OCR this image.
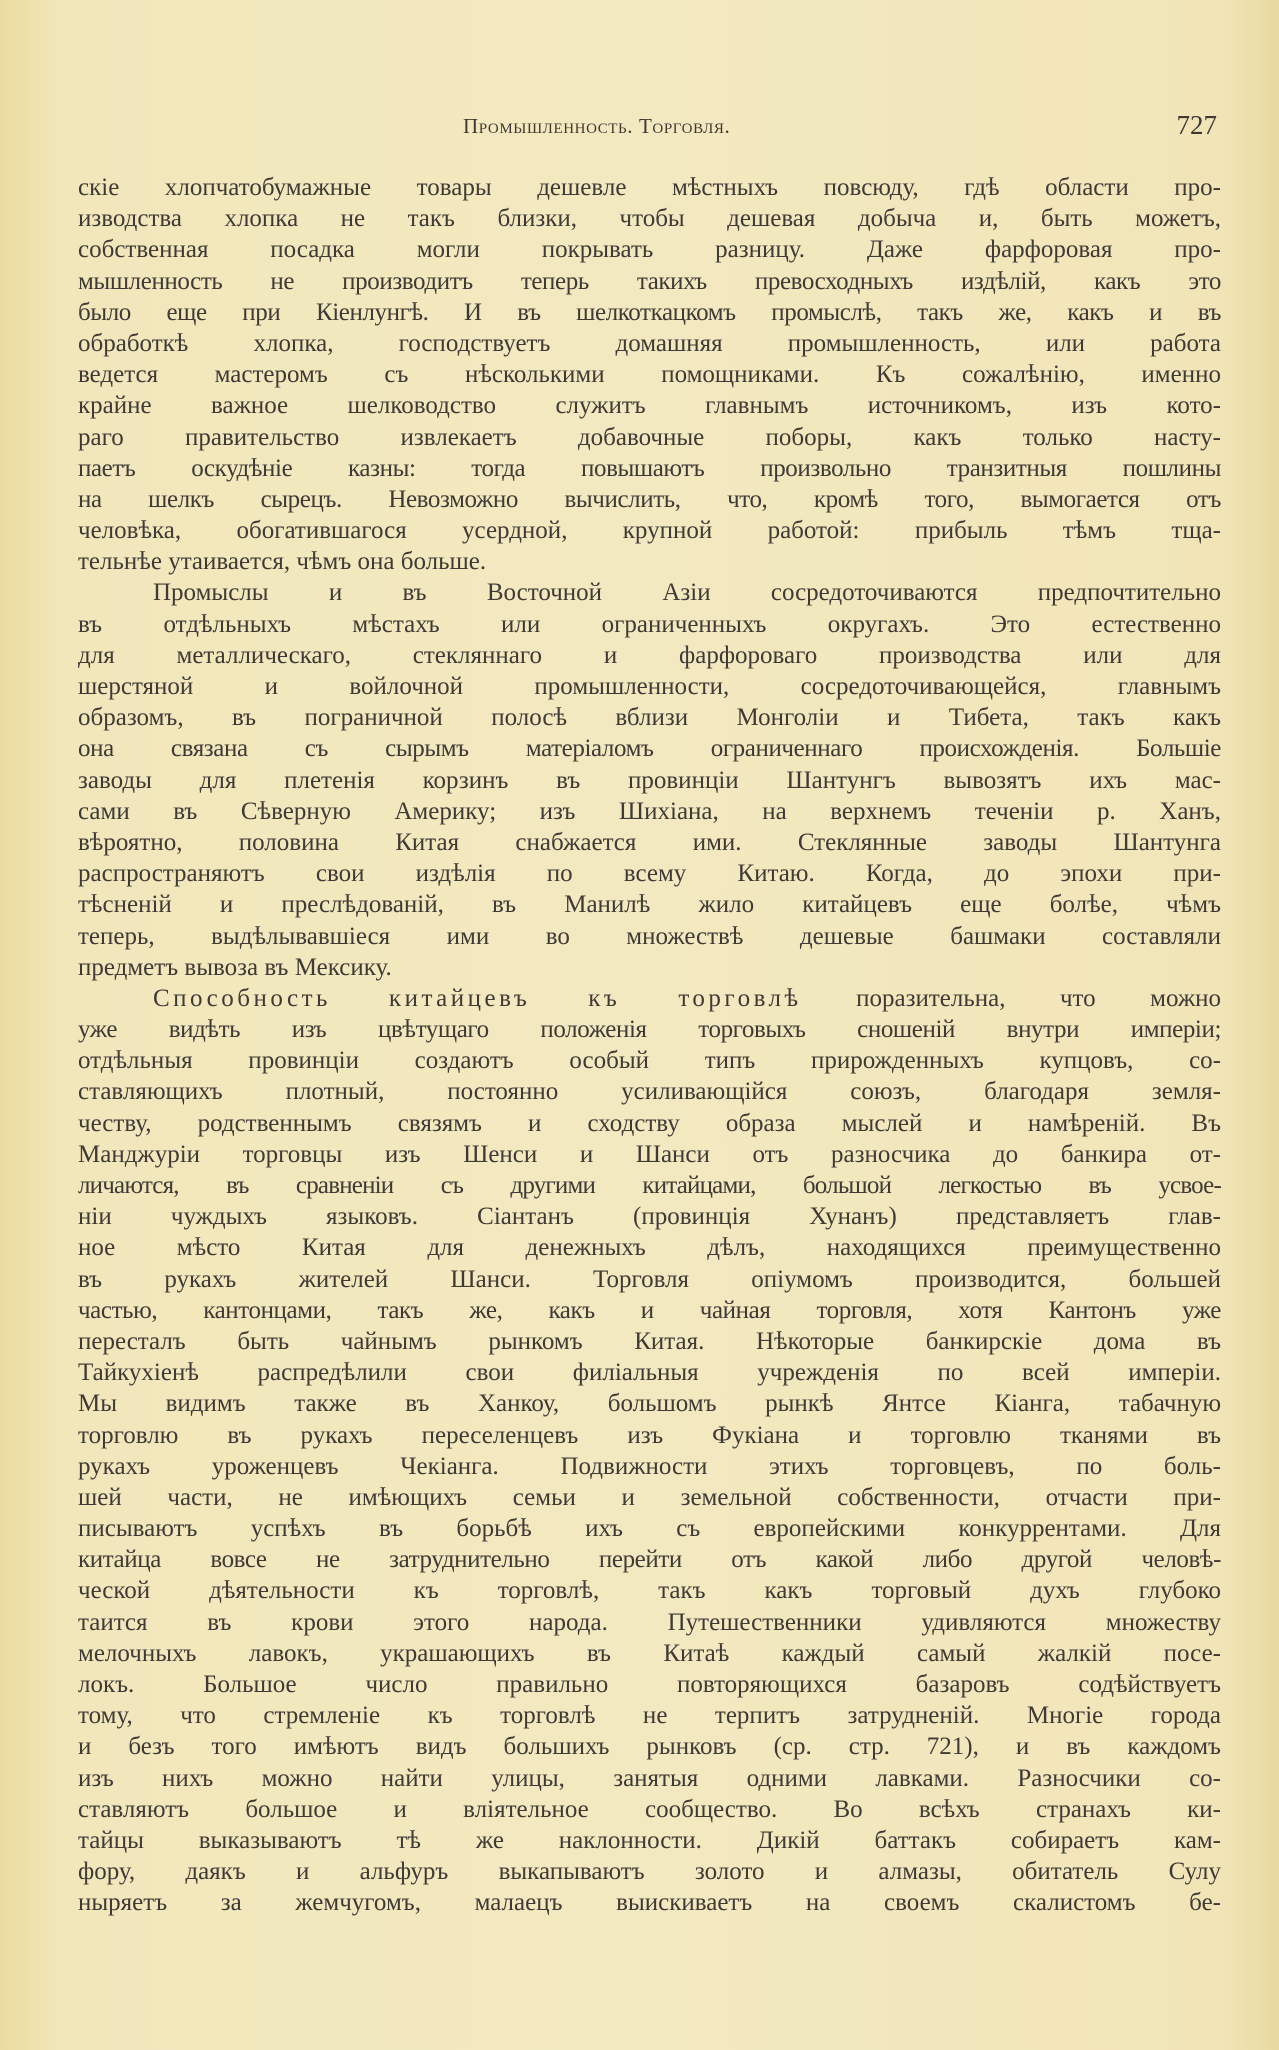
Промышленность. Торговля.	727
скіе хлопчатобумажные товары дешевле мѣстныхъ повсюду, гдѣ области про-
изводства хлопка не такъ близки, чтобы дешевая добыча и, быть можетъ,
собственная посадка могли покрывать разницу. Даже фарфоровая про-
мышленность не производитъ теперь такихъ превосходныхъ издѣлій, какъ это
было еще при Кіенлунгѣ. И въ шелкоткацкомъ промыслѣ, такъ же, какъ и въ
обработкѣ хлопка, господствуетъ домашняя промышленность, или работа
ведется мастеромъ съ нѣсколькими помощниками. Къ сожалѣнію, именно
крайне важное шелководство служитъ главнымъ источникомъ, изъ кото-
раго правительство извлекаетъ добавочные поборы, какъ только насту-
паетъ оскудѣніе казны: тогда повышаютъ произвольно транзитныя пошлины
на шелкъ сырецъ. Невозможно вычислить, что, кромѣ того, вымогается отъ
человѣка, обогатившагося усердной, крупной работой: прибыль тѣмъ тща-
тельнѣе утаивается, чѣмъ она больше.
Промыслы и въ Восточной Азіи сосредоточиваются предпочтительно
въ отдѣльныхъ мѣстахъ или ограниченныхъ округахъ. Это естественно
для металлическаго, стекляннаго и фарфороваго производства или для
шерстяной и войлочной промышленности, сосредоточивающейся, главнымъ
образомъ, въ пограничной полосѣ вблизи Монголіи и Тибета, такъ какъ
она связана съ сырымъ матеріаломъ ограниченнаго происхожденія. Большіе
заводы для плетенія корзинъ въ провинціи Шантунгъ вывозятъ ихъ мас-
сами въ Сѣверную Америку; изъ Шихіана, на верхнемъ теченіи р. Ханъ,
вѣроятно, половина Китая снабжается ими. Стеклянные заводы Шантунга
распространяютъ свои издѣлія по всему Китаю. Когда, до эпохи при-
тѣсненій и преслѣдованій, въ Манилѣ жило китайцевъ еще болѣе, чѣмъ
теперь, выдѣлывавшіеся ими во множествѣ дешевые башмаки составляли
предметъ вывоза въ Мексику.
Способность китайцевъ къ торговлѣ поразительна, что можно
уже видѣть изъ цвѣтущаго положенія торговыхъ сношеній внутри имперіи;
отдѣльныя провинціи создаютъ особый типъ прирожденныхъ купцовъ, со-
ставляющихъ плотный, постоянно усиливающійся союзъ, благодаря земля-
честву, родственнымъ связямъ и сходству образа мыслей и намѣреній. Въ
Манджуріи торговцы изъ Шенси и Шанси отъ разносчика до банкира от-
личаются, въ сравненіи съ другими китайцами, большой легкостью въ усвое-
ніи чуждыхъ языковъ. Сіантанъ (провинція Хунанъ) представляетъ глав-
ное мѣсто Китая для денежныхъ дѣлъ, находящихся преимущественно
въ рукахъ жителей Шанси. Торговля опіумомъ производится, большей
частью, кантонцами, такъ же, какъ и чайная торговля, хотя Кантонъ уже
пересталъ быть чайнымъ рынкомъ Китая. Нѣкоторые банкирскіе дома въ
Тайкухіенѣ распредѣлили свои филіальныя учрежденія по всей имперіи.
Мы видимъ также въ Ханкоу, большомъ рынкѣ Янтсе Кіанга, табачную
торговлю въ рукахъ переселенцевъ изъ Фукіана и торговлю тканями въ
рукахъ уроженцевъ Чекіанга. Подвижности этихъ торговцевъ, по боль-
шей части, не имѣющихъ семьи и земельной собственности, отчасти при-
писываютъ успѣхъ въ борьбѣ ихъ съ европейскими конкуррентами. Для
китайца вовсе не затруднительно перейти отъ какой либо другой человѣ-
ческой дѣятельности къ торговлѣ, такъ какъ торговый духъ глубоко
таится въ крови этого народа. Путешественники удивляются множеству
мелочныхъ лавокъ, украшающихъ въ Китаѣ каждый самый жалкій посе-
локъ. Большое число правильно повторяющихся базаровъ содѣйствуетъ
тому, что стремленіе къ торговлѣ не терпитъ затрудненій. Многіе города
и безъ того имѣютъ видъ большихъ рынковъ (ср. стр. 721), и въ каждомъ
изъ нихъ можно найти улицы, занятыя одними лавками. Разносчики со-
ставляютъ большое и вліятельное сообщество. Во всѣхъ странахъ ки-
тайцы выказываютъ тѣ же наклонности. Дикій баттакъ собираетъ кам-
фору, даякъ и альфуръ выкапываютъ золото и алмазы, обитатель Сулу
ныряетъ за жемчугомъ, малаецъ выискиваетъ на своемъ скалистомъ бе-
